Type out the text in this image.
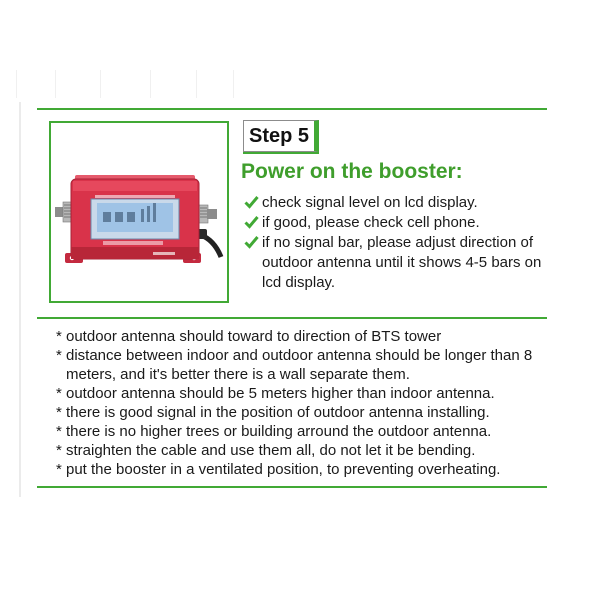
Step 5
Power on the booster:
check signal level on lcd display.
if good, please check cell phone.
if no signal bar, please adjust direction of outdoor antenna until it shows 4-5 bars on lcd display.
* outdoor antenna should toward to direction of BTS tower
* distance between indoor and outdoor antenna should be longer than 8 meters, and it's better there is a wall separate them.
* outdoor antenna should be 5 meters higher than indoor antenna.
* there is good signal in the position of outdoor antenna installing.
* there is no higher trees or building arround the outdoor antenna.
* straighten the cable and use them all, do not let it be bending.
* put the booster in a ventilated position, to preventing overheating.
